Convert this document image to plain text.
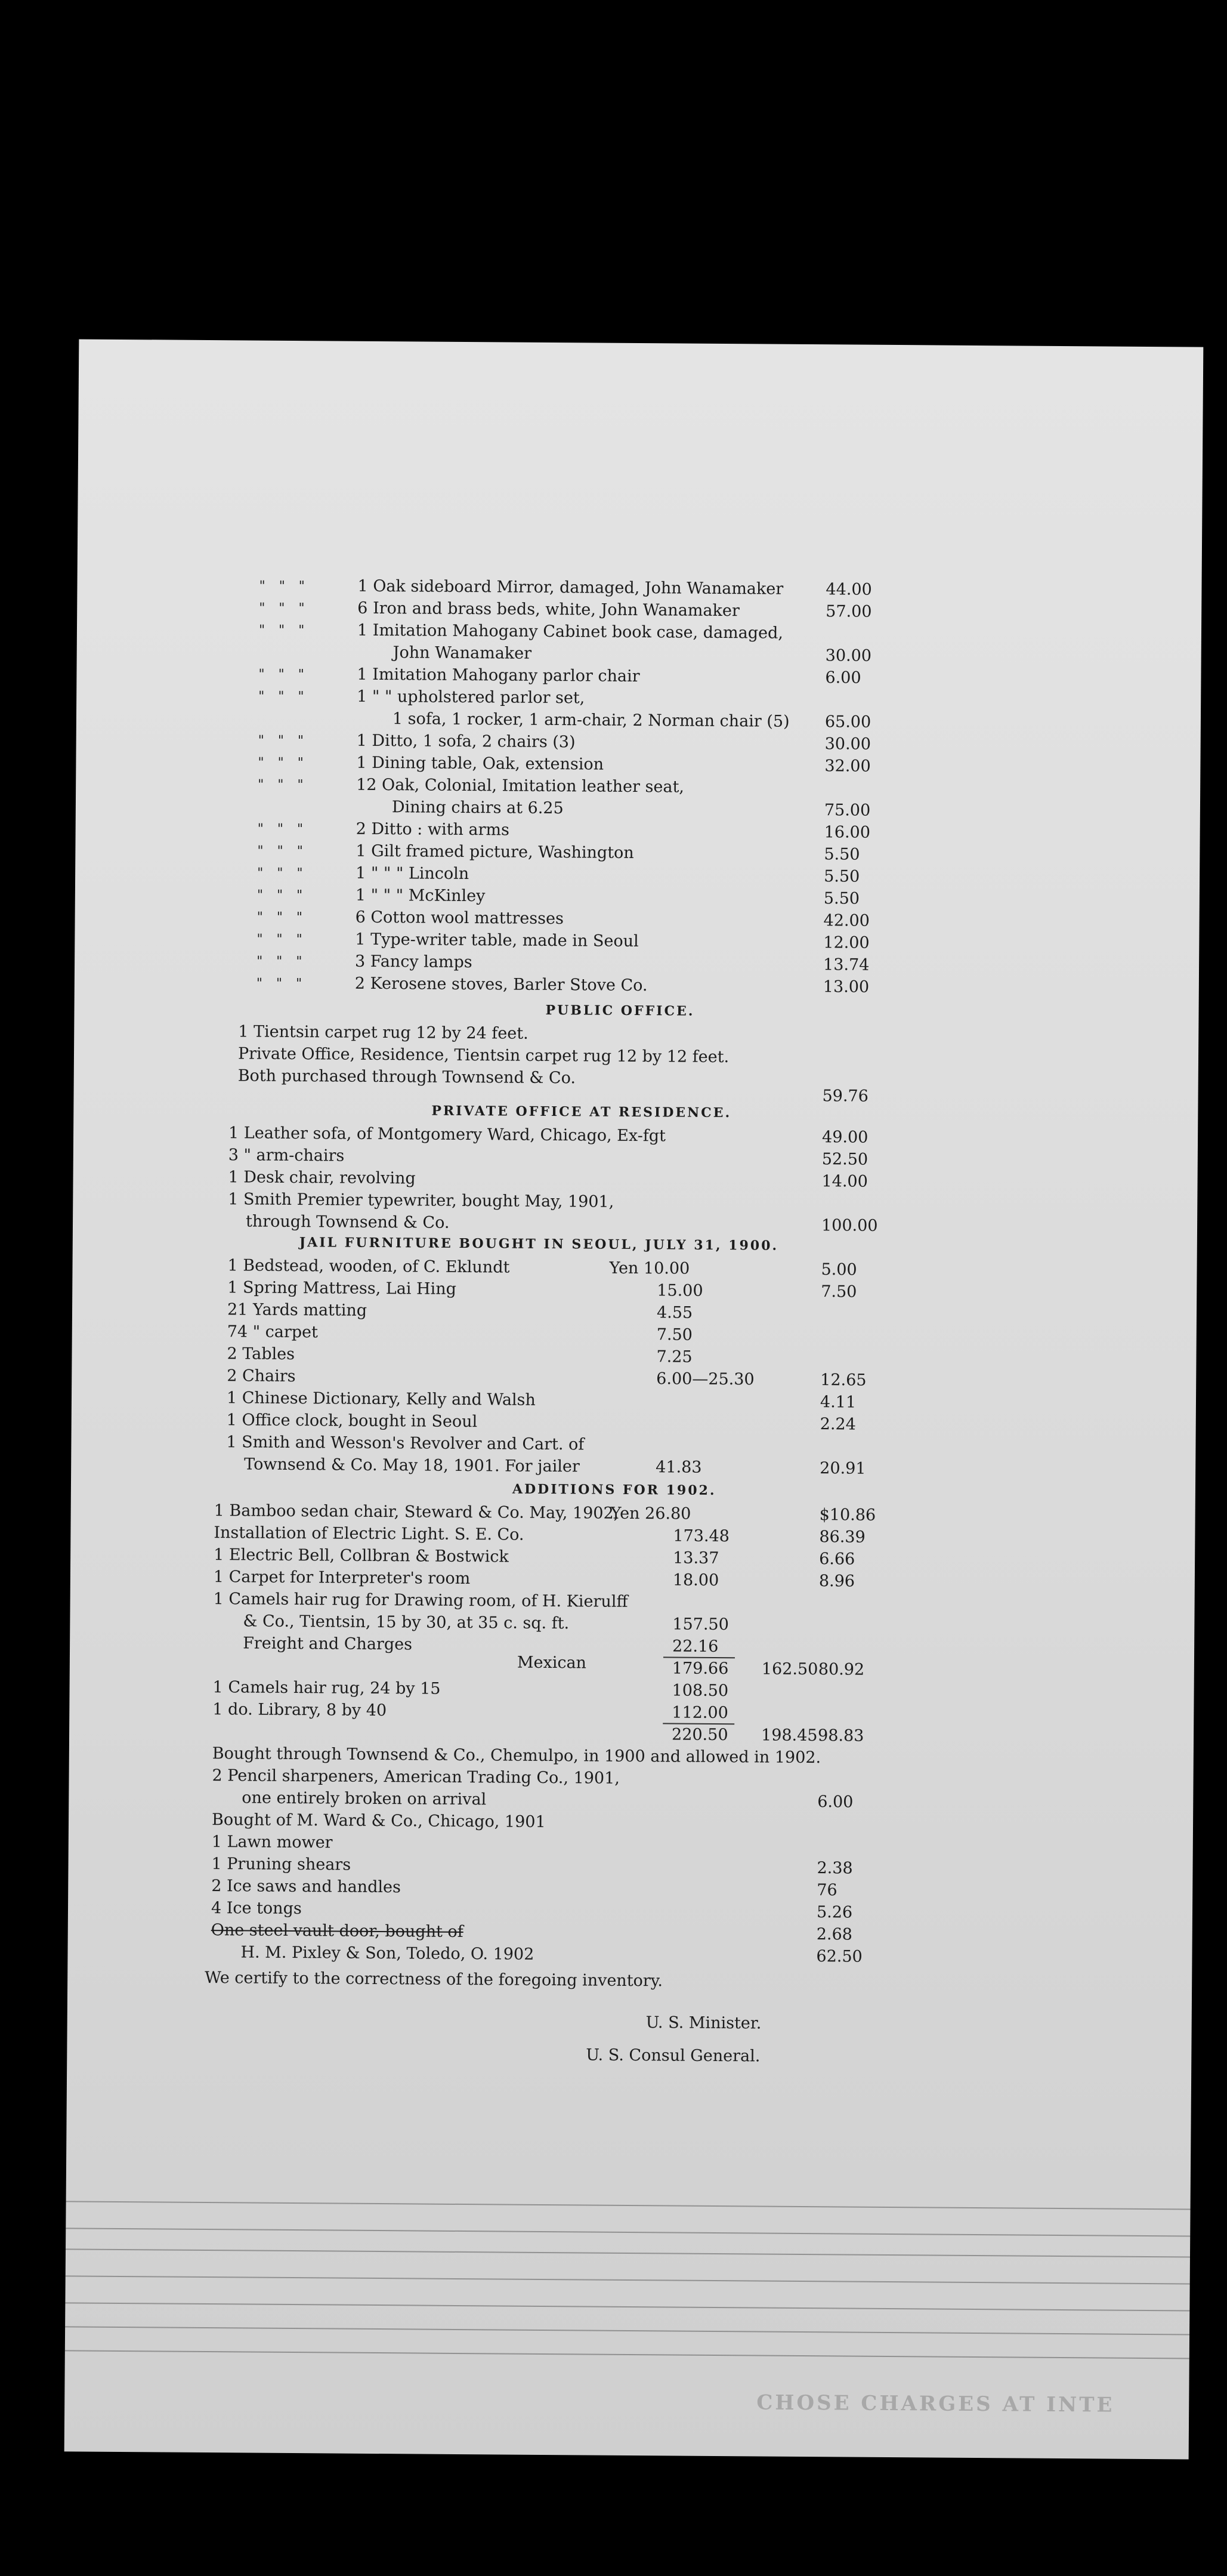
" " "	1 Oak sideboard Mirror, damaged, John Wanamaker	44.00
" " "	6 Iron and brass beds, white, John Wanamaker	57.00
" " "	1 Imitation Mahogany Cabinet book case, damaged,
John Wanamaker	30.00
" " "	1 Imitation Mahogany parlor chair	6.00
" " "	1 " " upholstered parlor set,
1 sofa, 1 rocker, 1 arm-chair, 2 Norman chair (5) 65.00
" " "	1 Ditto, 1 sofa, 2 chairs (3)	30.00
" " "	1 Dining table, Oak, extension	32.00
" " "	12 Oak, Colonial, Imitation leather seat,
Dining chairs at 6.25	75.00
" " "	2 Ditto : with arms	16.00
" " "	1 Gilt framed picture, Washington	5.50
" " "	1 " " " Lincoln	5.50
" " "	1 " " " McKinley	5.50
" " "	6 Cotton wool mattresses	42.00
" " "	1 Type-writer table, made in Seoul	12.00
" " "	3 Fancy lamps	13.74
" " "	2 Kerosene stoves, Barler Stove Co.	13.00
PUBLIC OFFICE.
1 Tientsin carpet rug 12 by 24 feet.
Private Office, Residence, Tientsin carpet rug 12 by 12 feet.
Both purchased through Townsend & Co.
59.76
PRIVATE OFFICE AT RESIDENCE.
1 Leather sofa, of Montgomery Ward, Chicago, Ex-fgt	49.00
3 " arm-chairs	52.50
1 Desk chair, revolving	14.00
1 Smith Premier typewriter, bought May, 1901,
through Townsend & Co.	100.00
JAIL FURNITURE BOUGHT IN SEOUL, JULY 31, 1900.
1 Bedstead, wooden, of C. Eklundt	Yen 10.00	5.00
1 Spring Mattress, Lai Hing	15.00	7.50
21 Yards matting	4.55
74 " carpet	7.50
2 Tables	7.25
2 Chairs	6.00—25.30	12.65
1 Chinese Dictionary, Kelly and Walsh	4.11
1 Office clock, bought in Seoul	2.24
1 Smith and Wesson's Revolver and Cart. of
Townsend & Co. May 18, 1901. For jailer	41.83	20.91
ADDITIONS FOR 1902.
1 Bamboo sedan chair, Steward & Co. May, 1902,
Yen 26.80	$10.86
Installation of Electric Light. S. E. Co.	173.48	86.39
1 Electric Bell, Collbran & Bostwick	13.37	6.66
1 Carpet for Interpreter's room	18.00	8.96
1 Camels hair rug for Drawing room, of H. Kierulff
& Co., Tientsin, 15 by 30, at 35 c. sq. ft.	157.50
Freight and Charges	22.16
Mexican	179.66 162.50 80.92
1 Camels hair rug, 24 by 15	108.50
1 do. Library, 8 by 40	112.00
220.50 198.45 98.83
Bought through Townsend & Co., Chemulpo, in 1900 and allowed in 1902.
2 Pencil sharpeners, American Trading Co., 1901,
one entirely broken on arrival	6.00
Bought of M. Ward & Co., Chicago, 1901
1 Lawn mower
1 Pruning shears	2.38
2 Ice saws and handles	76
4 Ice tongs	5.26
One steel vault door, bought of	2.68
H. M. Pixley & Son, Toledo, O. 1902	62.50
We certify to the correctness of the foregoing inventory.
U. S. Minister.
U. S. Consul General.
CHOSE CHARGES AT INTE
